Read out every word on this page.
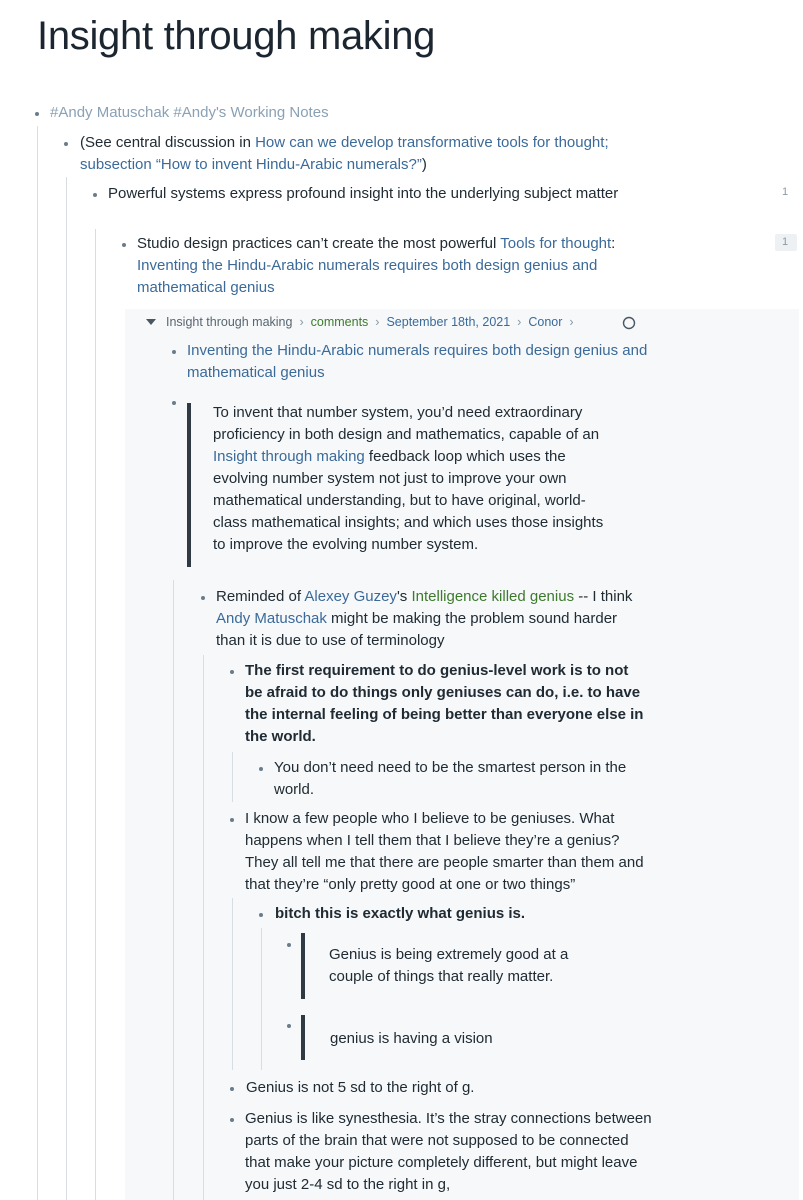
Insight through making
#Andy Matuschak #Andy's Working Notes
(See central discussion in How can we develop transformative tools for thought; subsection “How to invent Hindu-Arabic numerals?”)
Powerful systems express profound insight into the underlying subject matter	1
Studio design practices can’t create the most powerful Tools for thought: Inventing the Hindu-Arabic numerals requires both design genius and mathematical genius
1
Insight through making › comments › September 18th, 2021 › Conor ›
Inventing the Hindu-Arabic numerals requires both design genius and mathematical genius
To invent that number system, you’d need extraordinary proficiency in both design and mathematics, capable of an Insight through making feedback loop which uses the evolving number system not just to improve your own mathematical understanding, but to have original, world-class mathematical insights; and which uses those insights to improve the evolving number system.
Reminded of Alexey Guzey's Intelligence killed genius -- I think Andy Matuschak might be making the problem sound harder than it is due to use of terminology
The first requirement to do genius-level work is to not be afraid to do things only geniuses can do, i.e. to have the internal feeling of being better than everyone else in the world.
You don’t need need to be the smartest person in the world.
I know a few people who I believe to be geniuses. What happens when I tell them that I believe they’re a genius? They all tell me that there are people smarter than them and that they’re “only pretty good at one or two things”
bitch this is exactly what genius is.
Genius is being extremely good at a couple of things that really matter.
genius is having a vision
Genius is not 5 sd to the right of g.
Genius is like synesthesia. It’s the stray connections between parts of the brain that were not supposed to be connected that make your picture completely different, but might leave you just 2-4 sd to the right in g,
